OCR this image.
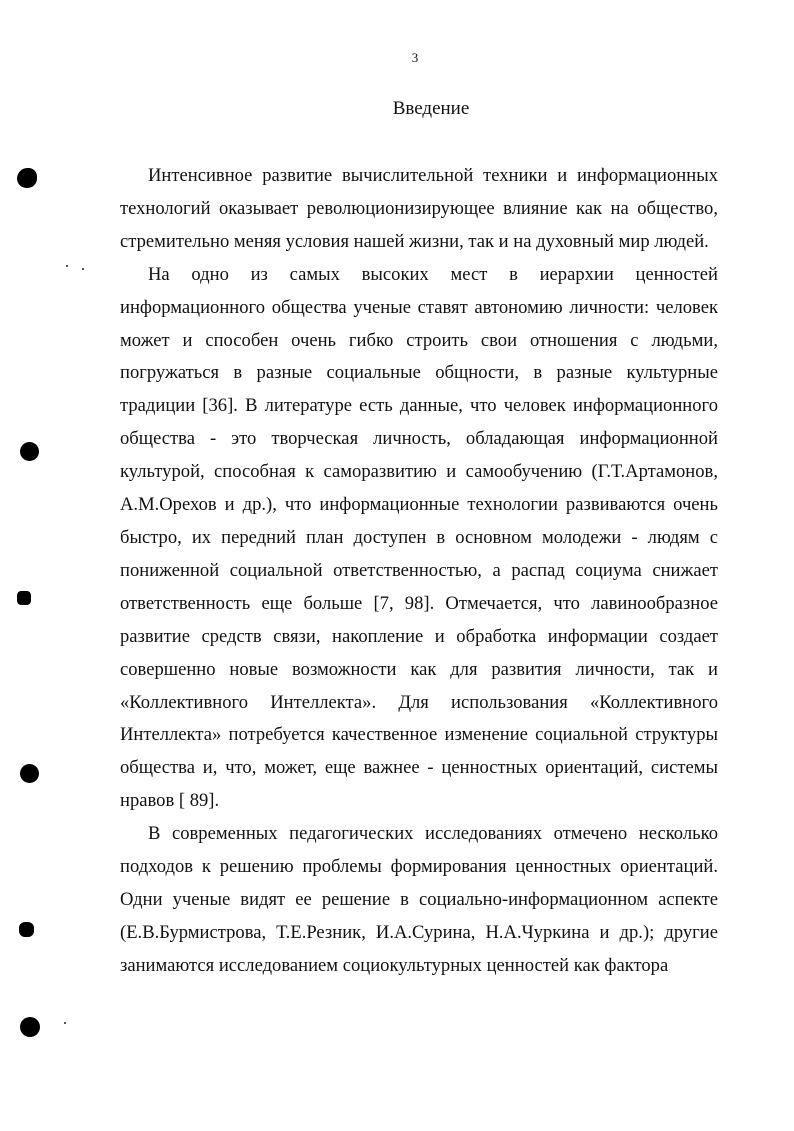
3
Введение

Интенсивное развитие вычислительной техники и информационных технологий оказывает революционизирующее влияние как на общество, стремительно меняя условия нашей жизни, так и на духовный мир людей.

На одно из самых высоких мест в иерархии ценностей информационного общества ученые ставят автономию личности: человек может и способен очень гибко строить свои отношения с людьми, погружаться в разные социальные общности, в разные культурные традиции [36]. В литературе есть данные, что человек информационного общества - это творческая личность, обладающая информационной культурой, способная к саморазвитию и самообучению (Г.Т.Артамонов, А.М.Орехов и др.), что информационные технологии развиваются очень быстро, их передний план доступен в основном молодежи - людям с пониженной социальной ответственностью, а распад социума снижает ответственность еще больше [7, 98]. Отмечается, что лавинообразное развитие средств связи, накопление и обработка информации создает совершенно новые возможности как для развития личности, так и «Коллективного Интеллекта». Для использования «Коллективного Интеллекта» потребуется качественное изменение социальной структуры общества и, что, может, еще важнее - ценностных ориентаций, системы нравов [ 89].

В современных педагогических исследованиях отмечено несколько подходов к решению проблемы формирования ценностных ориентаций. Одни ученые видят ее решение в социально-информационном аспекте (Е.В.Бурмистрова, Т.Е.Резник, И.А.Сурина, Н.А.Чуркина и др.); другие занимаются исследованием социокультурных ценностей как фактора
